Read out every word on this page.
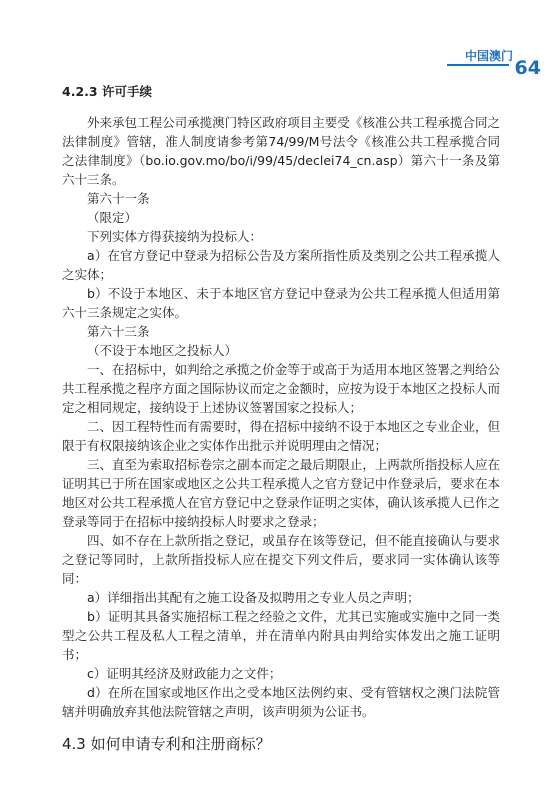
中国澳门
64
4.2.3 许可手续

外来承包工程公司承揽澳门特区政府项目主要受《核准公共工程承揽合同之法律制度》管辖，准人制度请参考第74/99/M号法令《核准公共工程承揽合同之法律制度》（bo.io.gov.mo/bo/i/99/45/declei74_cn.asp）第六十一条及第六十三条。

第六十一条

（限定）

下列实体方得获接纳为投标人：

a）在官方登记中登录为招标公告及方案所指性质及类别之公共工程承揽人之实体；

b）不设于本地区、未于本地区官方登记中登录为公共工程承揽人但适用第六十三条规定之实体。

第六十三条

（不设于本地区之投标人）

一、在招标中，如判给之承揽之价金等于或高于为适用本地区签署之判给公共工程承揽之程序方面之国际协议而定之金额时，应按为设于本地区之投标人而定之相同规定，接纳设于上述协议签署国家之投标人；

二、因工程特性而有需要时，得在招标中接纳不设于本地区之专业企业，但限于有权限接纳该企业之实体作出批示并说明理由之情况；

三、直至为索取招标卷宗之副本而定之最后期限止，上两款所指投标人应在证明其已于所在国家或地区之公共工程承揽人之官方登记中作登录后，要求在本地区对公共工程承揽人在官方登记中之登录作证明之实体，确认该承揽人已作之登录等同于在招标中接纳投标人时要求之登录；

四、如不存在上款所指之登记，或虽存在该等登记，但不能直接确认与要求之登记等同时，上款所指投标人应在提交下列文件后，要求同一实体确认该等同：

a）详细指出其配有之施工设备及拟聘用之专业人员之声明；

b）证明其具备实施招标工程之经验之文件，尤其已实施或实施中之同一类型之公共工程及私人工程之清单，并在清单内附具由判给实体发出之施工证明书；

c）证明其经济及财政能力之文件；

d）在所在国家或地区作出之受本地区法例约束、受有管辖权之澳门法院管辖并明确放弃其他法院管辖之声明，该声明须为公证书。

4.3 如何申请专利和注册商标？
